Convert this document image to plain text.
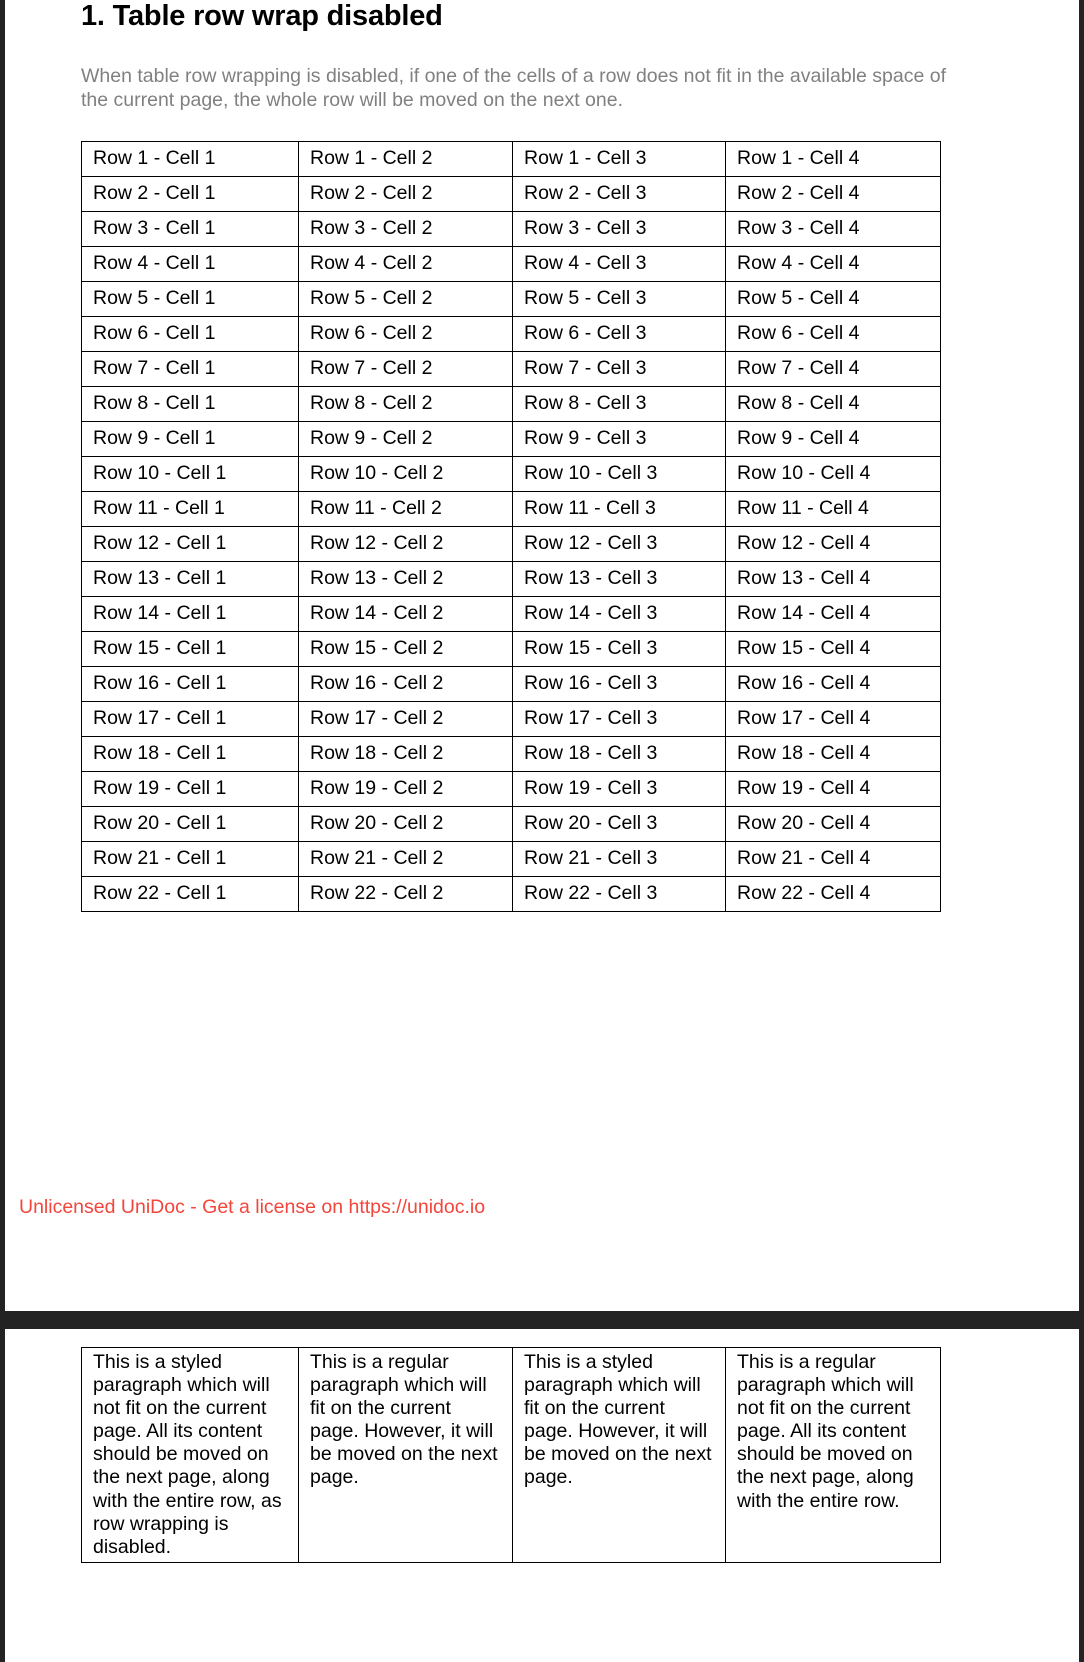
1. Table row wrap disabled

When table row wrapping is disabled, if one of the cells of a row does not fit in the available space of the current page, the whole row will be moved on the next one.

Row 1 - Cell 1	Row 1 - Cell 2	Row 1 - Cell 3	Row 1 - Cell 4
Row 2 - Cell 1	Row 2 - Cell 2	Row 2 - Cell 3	Row 2 - Cell 4
Row 3 - Cell 1	Row 3 - Cell 2	Row 3 - Cell 3	Row 3 - Cell 4
Row 4 - Cell 1	Row 4 - Cell 2	Row 4 - Cell 3	Row 4 - Cell 4
Row 5 - Cell 1	Row 5 - Cell 2	Row 5 - Cell 3	Row 5 - Cell 4
Row 6 - Cell 1	Row 6 - Cell 2	Row 6 - Cell 3	Row 6 - Cell 4
Row 7 - Cell 1	Row 7 - Cell 2	Row 7 - Cell 3	Row 7 - Cell 4
Row 8 - Cell 1	Row 8 - Cell 2	Row 8 - Cell 3	Row 8 - Cell 4
Row 9 - Cell 1	Row 9 - Cell 2	Row 9 - Cell 3	Row 9 - Cell 4
Row 10 - Cell 1	Row 10 - Cell 2	Row 10 - Cell 3	Row 10 - Cell 4
Row 11 - Cell 1	Row 11 - Cell 2	Row 11 - Cell 3	Row 11 - Cell 4
Row 12 - Cell 1	Row 12 - Cell 2	Row 12 - Cell 3	Row 12 - Cell 4
Row 13 - Cell 1	Row 13 - Cell 2	Row 13 - Cell 3	Row 13 - Cell 4
Row 14 - Cell 1	Row 14 - Cell 2	Row 14 - Cell 3	Row 14 - Cell 4
Row 15 - Cell 1	Row 15 - Cell 2	Row 15 - Cell 3	Row 15 - Cell 4
Row 16 - Cell 1	Row 16 - Cell 2	Row 16 - Cell 3	Row 16 - Cell 4
Row 17 - Cell 1	Row 17 - Cell 2	Row 17 - Cell 3	Row 17 - Cell 4
Row 18 - Cell 1	Row 18 - Cell 2	Row 18 - Cell 3	Row 18 - Cell 4
Row 19 - Cell 1	Row 19 - Cell 2	Row 19 - Cell 3	Row 19 - Cell 4
Row 20 - Cell 1	Row 20 - Cell 2	Row 20 - Cell 3	Row 20 - Cell 4
Row 21 - Cell 1	Row 21 - Cell 2	Row 21 - Cell 3	Row 21 - Cell 4
Row 22 - Cell 1	Row 22 - Cell 2	Row 22 - Cell 3	Row 22 - Cell 4
Unlicensed UniDoc - Get a license on https://unidoc.io
This is a styled paragraph which will not fit on the current page. All its content should be moved on the next page, along with the entire row, as row wrapping is disabled.	This is a regular paragraph which will fit on the current page. However, it will be moved on the next page.	This is a styled paragraph which will fit on the current page. However, it will be moved on the next page.	This is a regular paragraph which will not fit on the current page. All its content should be moved on the next page, along with the entire row.
